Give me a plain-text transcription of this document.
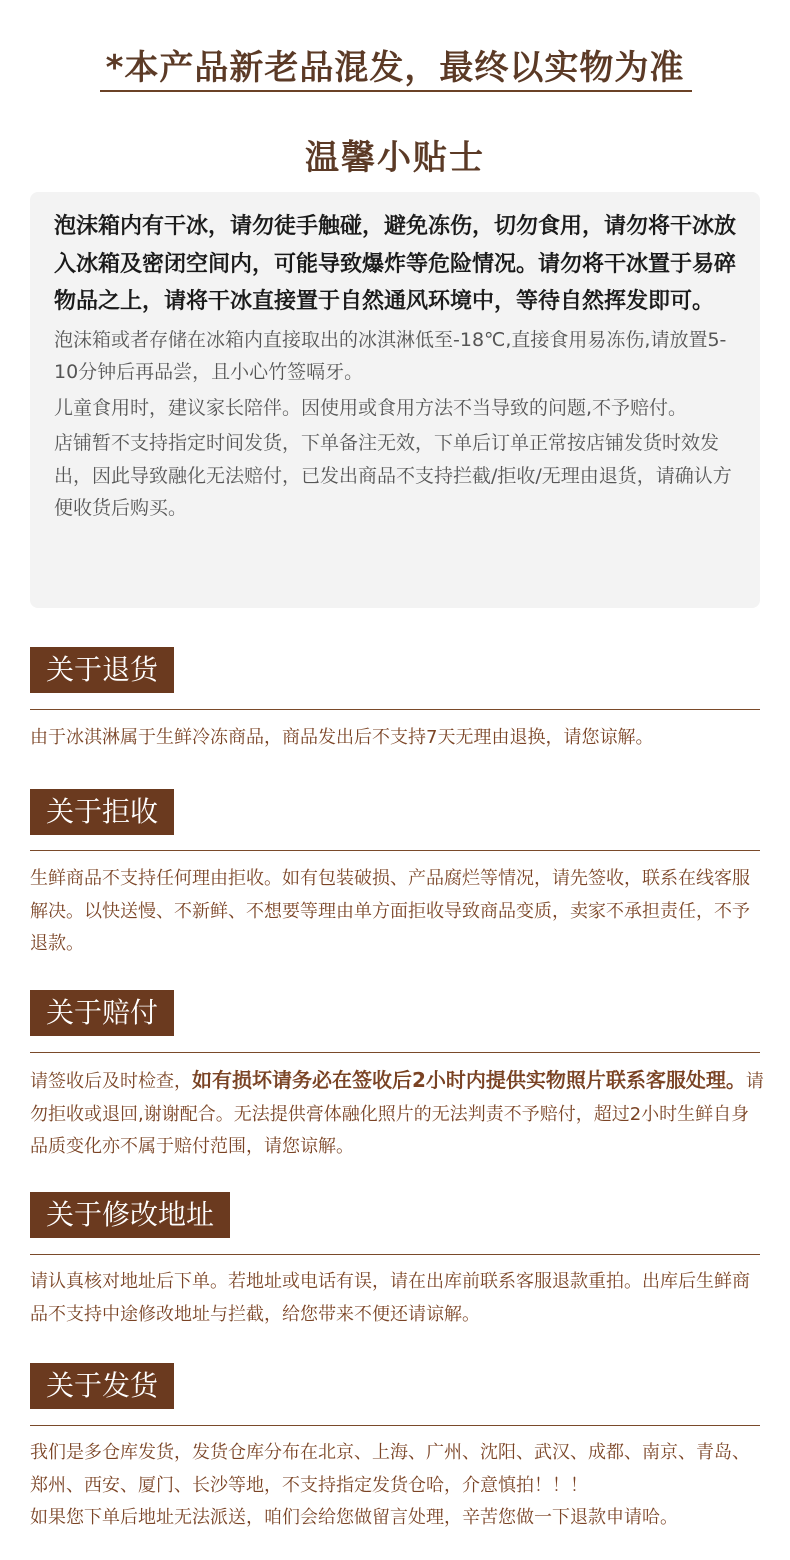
*本产品新老品混发，最终以实物为准
温馨小贴士

泡沫箱内有干冰，请勿徒手触碰，避免冻伤，切勿食用，请勿将干冰放入冰箱及密闭空间内，可能导致爆炸等危险情况。请勿将干冰置于易碎物品之上，请将干冰直接置于自然通风环境中，等待自然挥发即可。

泡沫箱或者存储在冰箱内直接取出的冰淇淋低至-18℃,直接食用易冻伤,请放置5-10分钟后再品尝，且小心竹签嗝牙。

儿童食用时，建议家长陪伴。因使用或食用方法不当导致的问题,不予赔付。

店铺暂不支持指定时间发货，下单备注无效，下单后订单正常按店铺发货时效发出，因此导致融化无法赔付，已发出商品不支持拦截/拒收/无理由退货，请确认方便收货后购买。

关于退货
由于冰淇淋属于生鲜冷冻商品，商品发出后不支持7天无理由退换，请您谅解。
关于拒收
生鲜商品不支持任何理由拒收。如有包装破损、产品腐烂等情况，请先签收，联系在线客服解决。以快送慢、不新鲜、不想要等理由单方面拒收导致商品变质，卖家不承担责任，不予退款。
关于赔付
请签收后及时检查，如有损坏请务必在签收后2小时内提供实物照片联系客服处理。请勿拒收或退回,谢谢配合。无法提供膏体融化照片的无法判责不予赔付，超过2小时生鲜自身品质变化亦不属于赔付范围，请您谅解。
关于修改地址
请认真核对地址后下单。若地址或电话有误，请在出库前联系客服退款重拍。出库后生鲜商品不支持中途修改地址与拦截，给您带来不便还请谅解。
关于发货
我们是多仓库发货，发货仓库分布在北京、上海、广州、沈阳、武汉、成都、南京、青岛、郑州、西安、厦门、长沙等地，不支持指定发货仓哈，介意慎拍！！！
如果您下单后地址无法派送，咱们会给您做留言处理，辛苦您做一下退款申请哈。
